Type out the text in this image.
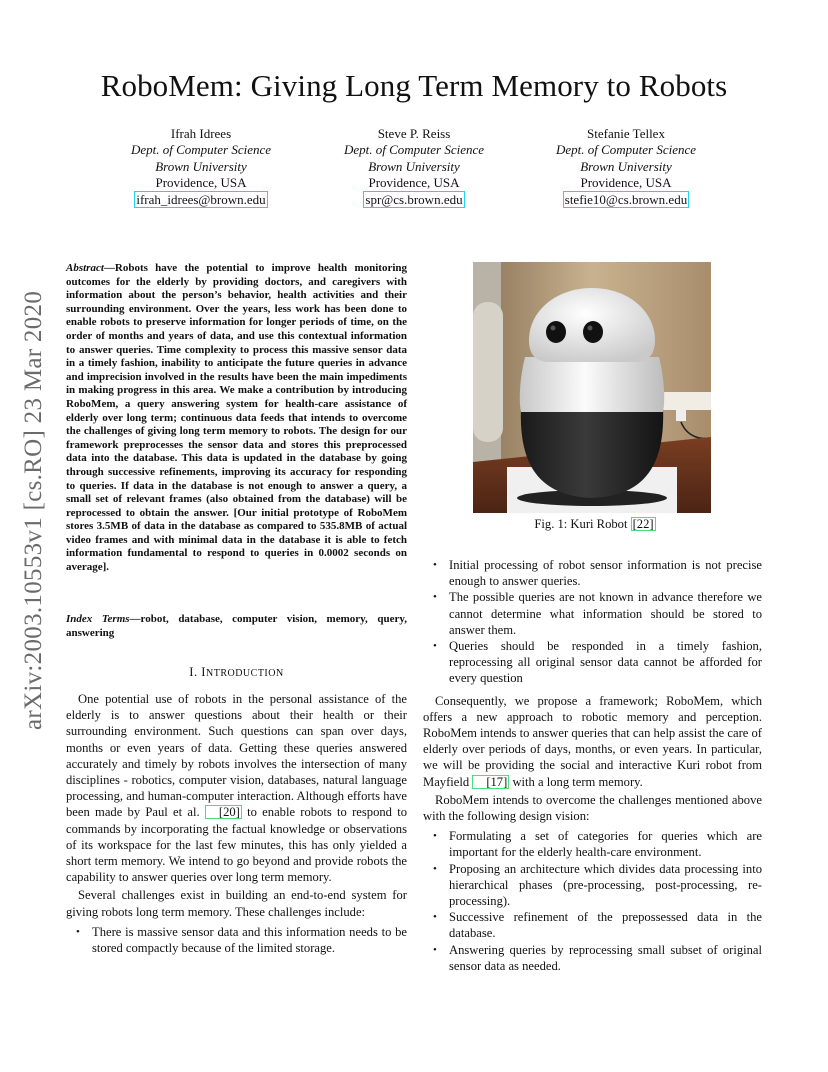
RoboMem: Giving Long Term Memory to Robots
Ifrah Idrees
Dept. of Computer Science
Brown University
Providence, USA
ifrah_idrees@brown.edu
Steve P. Reiss
Dept. of Computer Science
Brown University
Providence, USA
spr@cs.brown.edu
Stefanie Tellex
Dept. of Computer Science
Brown University
Providence, USA
stefie10@cs.brown.edu
arXiv:2003.10553v1 [cs.RO] 23 Mar 2020
Abstract—Robots have the potential to improve health monitoring outcomes for the elderly by providing doctors, and caregivers with information about the person’s behavior, health activities and their surrounding environment. Over the years, less work has been done to enable robots to preserve information for longer periods of time, on the order of months and years of data, and use this contextual information to answer queries. Time complexity to process this massive sensor data in a timely fashion, inability to anticipate the future queries in advance and imprecision involved in the results have been the main impediments in making progress in this area. We make a contribution by introducing RoboMem, a query answering system for health-care assistance of elderly over long term; continuous data feeds that intends to overcome the challenges of giving long term memory to robots. The design for our framework preprocesses the sensor data and stores this preprocessed data into the database. This data is updated in the database by going through successive refinements, improving its accuracy for responding to queries. If data in the database is not enough to answer a query, a small set of relevant frames (also obtained from the database) will be reprocessed to obtain the answer. [Our initial prototype of RoboMem stores 3.5MB of data in the database as compared to 535.8MB of actual video frames and with minimal data in the database it is able to fetch information fundamental to respond to queries in 0.0002 seconds on average].
Index Terms—robot, database, computer vision, memory, query, answering
I. INTRODUCTION

One potential use of robots in the personal assistance of the elderly is to answer questions about their health or their surrounding environment. Such questions can span over days, months or even years of data. Getting these queries answered accurately and timely by robots involves the intersection of many disciplines - robotics, computer vision, databases, natural language processing, and human-computer interaction. Although efforts have been made by Paul et al. [20] to enable robots to respond to commands by incorporating the factual knowledge or observations of its workspace for the last few minutes, this has only yielded a short term memory. We intend to go beyond and provide robots the capability to answer queries over long term memory.

Several challenges exist in building an end-to-end system for giving robots long term memory. These challenges include:

• There is massive sensor data and this information needs to be stored compactly because of the limited storage.
Fig. 1: Kuri Robot [22]
• Initial processing of robot sensor information is not precise enough to answer queries.
• The possible queries are not known in advance therefore we cannot determine what information should be stored to answer them.
• Queries should be responded in a timely fashion, reprocessing all original sensor data cannot be afforded for every question

Consequently, we propose a framework; RoboMem, which offers a new approach to robotic memory and perception. RoboMem intends to answer queries that can help assist the care of elderly over periods of days, months, or even years. In particular, we will be providing the social and interactive Kuri robot from Mayfield [17] with a long term memory.

RoboMem intends to overcome the challenges mentioned above with the following design vision:

• Formulating a set of categories for queries which are important for the elderly health-care environment.
• Proposing an architecture which divides data processing into hierarchical phases (pre-processing, post-processing, re-processing).
• Successive refinement of the prepossessed data in the database.
• Answering queries by reprocessing small subset of original sensor data as needed.
